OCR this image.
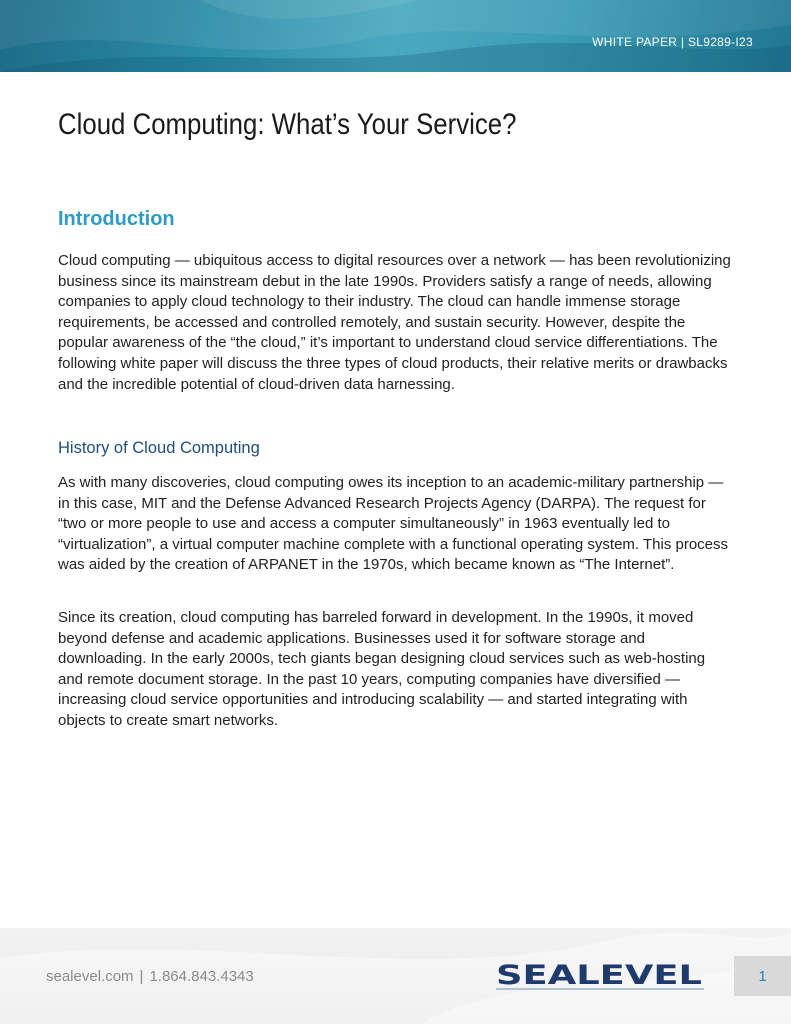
WHITE PAPER | SL9289-I23
Cloud Computing: What’s Your Service?
Introduction

Cloud computing — ubiquitous access to digital resources over a network — has been revolutionizing business since its mainstream debut in the late 1990s. Providers satisfy a range of needs, allowing companies to apply cloud technology to their industry. The cloud can handle immense storage requirements, be accessed and controlled remotely, and sustain security. However, despite the popular awareness of the “the cloud,” it’s important to understand cloud service differentiations. The following white paper will discuss the three types of cloud products, their relative merits or drawbacks and the incredible potential of cloud-driven data harnessing.

History of Cloud Computing

As with many discoveries, cloud computing owes its inception to an academic-military partnership — in this case, MIT and the Defense Advanced Research Projects Agency (DARPA). The request for “two or more people to use and access a computer simultaneously” in 1963 eventually led to “virtualization”, a virtual computer machine complete with a functional operating system. This process was aided by the creation of ARPANET in the 1970s, which became known as “The Internet”.

Since its creation, cloud computing has barreled forward in development. In the 1990s, it moved beyond defense and academic applications. Businesses used it for software storage and downloading. In the early 2000s, tech giants began designing cloud services such as web-hosting and remote document storage. In the past 10 years, computing companies have diversified — increasing cloud service opportunities and introducing scalability — and started integrating with objects to create smart networks.

sealevel.com | 1.864.843.4343	SEALEVEL	1
